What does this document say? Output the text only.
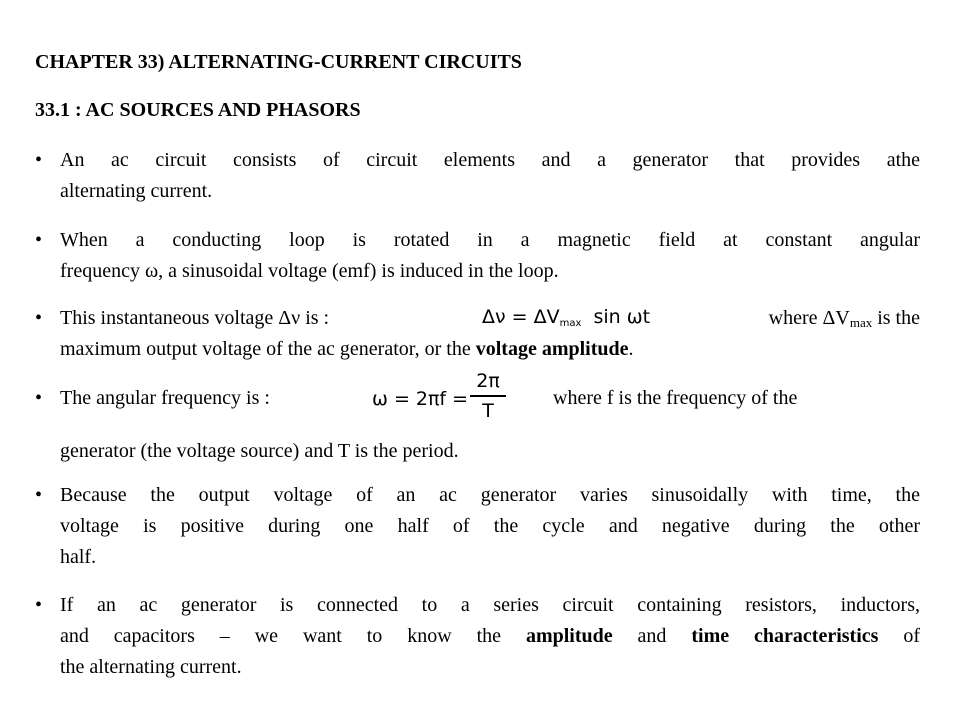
CHAPTER 33) ALTERNATING-CURRENT CIRCUITS
33.1 : AC SOURCES AND PHASORS
• An ac circuit consists of circuit elements and a generator that provides athe
alternating current.
• When a conducting loop is rotated in a magnetic field at constant angular
frequency ω, a sinusoidal voltage (emf) is induced in the loop.
• This instantaneous voltage Δν is :	where $\Delta V_{max}$ is the
maximum output voltage of the ac generator, or the voltage amplitude.
Δν = ΔVmax sin ωt
• The angular frequency is :	where f is the frequency of the
generator (the voltage source) and T is the period.
ω = 2πf =
2π
T
• Because the output voltage of an ac generator varies sinusoidally with time, the
voltage is positive during one half of the cycle and negative during the other
half.
• If an ac generator is connected to a series circuit containing resistors, inductors,
and capacitors – we want to know the amplitude and time characteristics of
the alternating current.
